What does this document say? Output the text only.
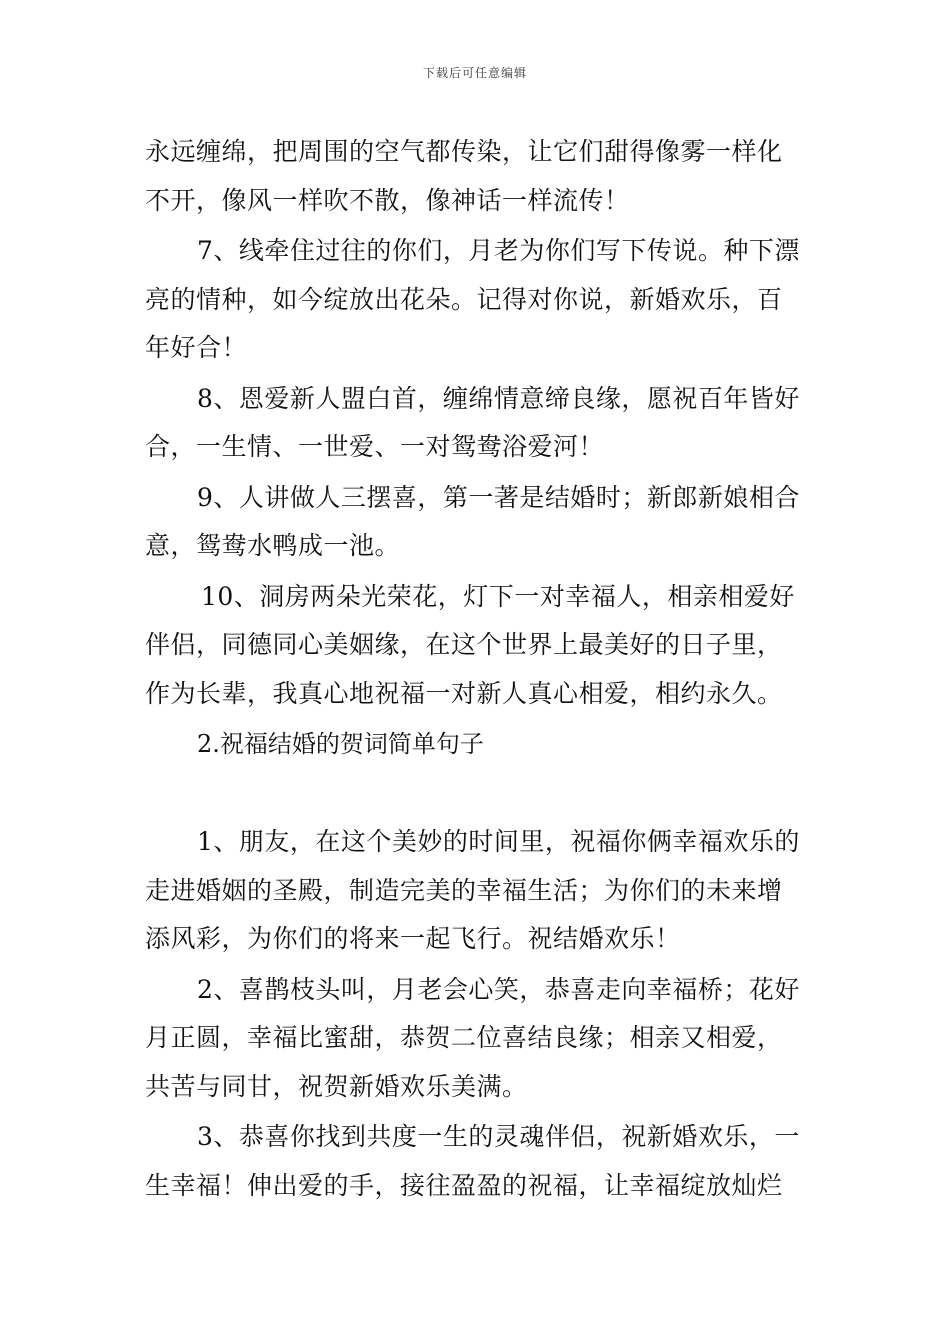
下载后可任意编辑
永远缠绵，把周围的空气都传染，让它们甜得像雾一样化
不开，像风一样吹不散，像神话一样流传！
7、线牵住过往的你们，月老为你们写下传说。种下漂
亮的情种，如今绽放出花朵。记得对你说，新婚欢乐，百
年好合！
8、恩爱新人盟白首，缠绵情意缔良缘，愿祝百年皆好
合，一生情、一世爱、一对鸳鸯浴爱河！
9、人讲做人三摆喜，第一著是结婚时；新郎新娘相合
意，鸳鸯水鸭成一池。
10、洞房两朵光荣花，灯下一对幸福人，相亲相爱好
伴侣，同德同心美姻缘，在这个世界上最美好的日子里，
作为长辈，我真心地祝福一对新人真心相爱，相约永久。
2.祝福结婚的贺词简单句子
1、朋友，在这个美妙的时间里，祝福你俩幸福欢乐的
走进婚姻的圣殿，制造完美的幸福生活；为你们的未来增
添风彩，为你们的将来一起飞行。祝结婚欢乐！
2、喜鹊枝头叫，月老会心笑，恭喜走向幸福桥；花好
月正圆，幸福比蜜甜，恭贺二位喜结良缘；相亲又相爱，
共苦与同甘，祝贺新婚欢乐美满。
3、恭喜你找到共度一生的灵魂伴侣，祝新婚欢乐，一
生幸福！伸出爱的手，接往盈盈的祝福，让幸福绽放灿烂
